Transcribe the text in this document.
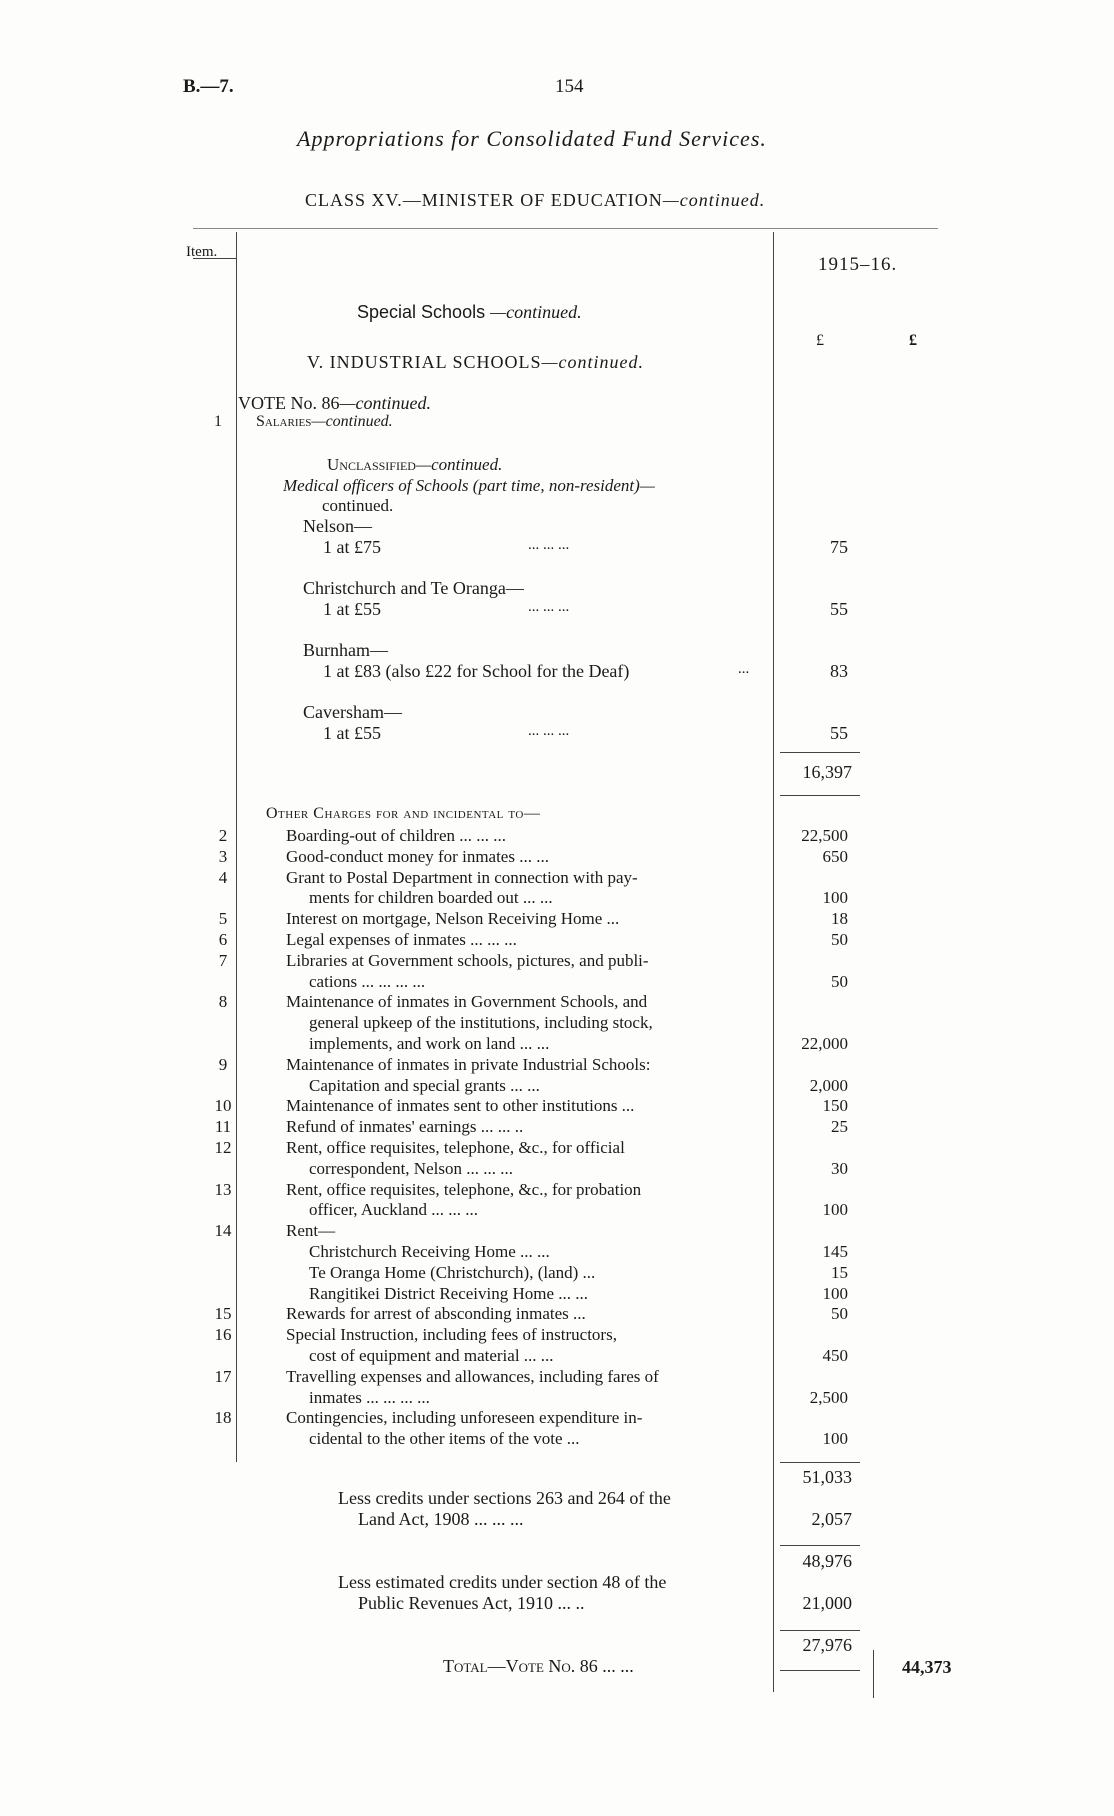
B.—7.	154
Appropriations for Consolidated Fund Services.
CLASS XV.—MINISTER OF EDUCATION—continued.
Item.
1915–16.
Special Schools —continued.
£	£
V. INDUSTRIAL SCHOOLS—continued.
VOTE No. 86—continued.
1 Salaries—continued.
Unclassified—continued.
Medical officers of Schools (part time, non-resident)—
continued.
Nelson—
1 at £75	... ... ...	75
Christchurch and Te Oranga—
1 at £55	... ... ...	55
Burnham—
1 at £83 (also £22 for School for the Deaf)	...	83
Caversham—
1 at £55	... ... ...	55
16,397
Other Charges for and incidental to—
2	Boarding-out of children ... ... ...	22,500
3	Good-conduct money for inmates ... ...	650
4	Grant to Postal Department in connection with pay-
ments for children boarded out ... ...	100
5	Interest on mortgage, Nelson Receiving Home ...	18
6	Legal expenses of inmates ... ... ...	50
7	Libraries at Government schools, pictures, and publi-
cations ... ... ... ...	50
8	Maintenance of inmates in Government Schools, and
general upkeep of the institutions, including stock,
implements, and work on land ... ...	22,000
9	Maintenance of inmates in private Industrial Schools:
Capitation and special grants ... ...	2,000
10	Maintenance of inmates sent to other institutions ...	150
11	Refund of inmates' earnings ... ... ..	25
12	Rent, office requisites, telephone, &c., for official
correspondent, Nelson ... ... ...	30
13	Rent, office requisites, telephone, &c., for probation
officer, Auckland ... ... ...	100
14	Rent—
Christchurch Receiving Home ... ...	145
Te Oranga Home (Christchurch), (land) ...	15
Rangitikei District Receiving Home ... ...	100
15	Rewards for arrest of absconding inmates ...	50
16	Special Instruction, including fees of instructors,
cost of equipment and material ... ...	450
17	Travelling expenses and allowances, including fares of
inmates ... ... ... ...	2,500
18	Contingencies, including unforeseen expenditure in-
cidental to the other items of the vote ...	100
51,033
Less credits under sections 263 and 264 of the
Land Act, 1908 ... ... ...	2,057
48,976
Less estimated credits under section 48 of the
Public Revenues Act, 1910 ... ..	21,000
27,976
Total—Vote No. 86 ... ...	44,373
